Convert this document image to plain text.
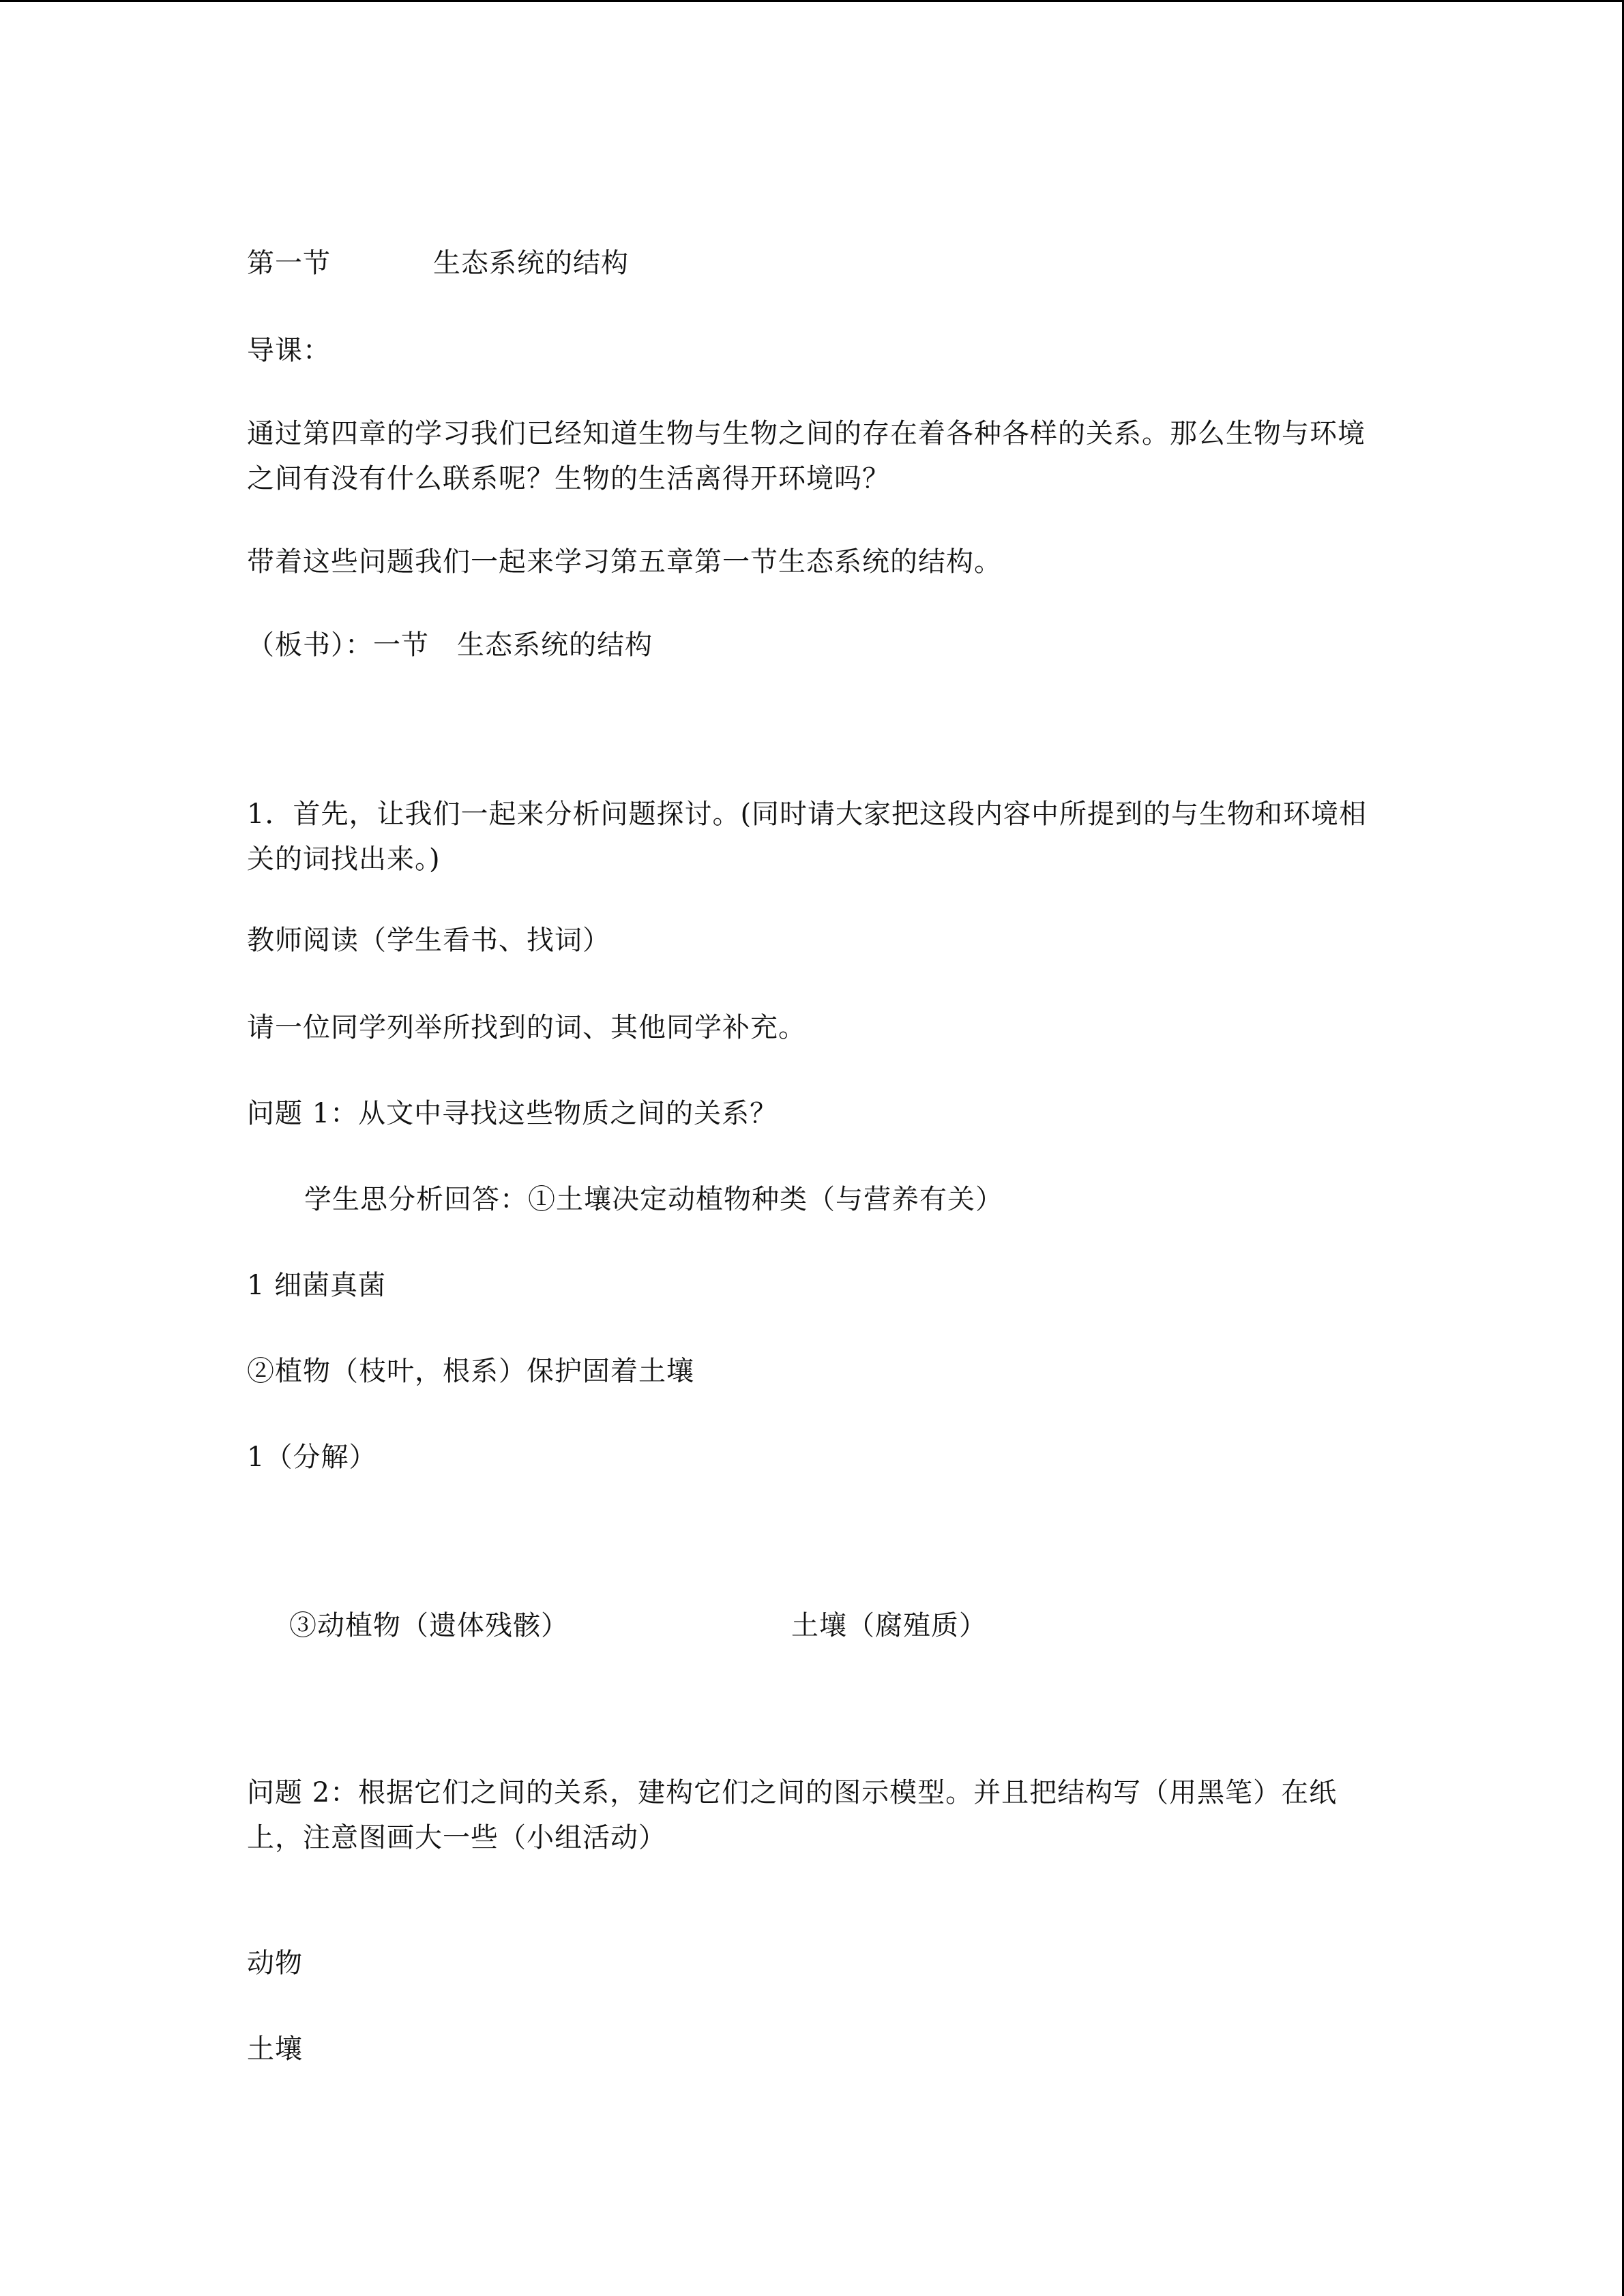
第一节	生态系统的结构
导课：
通过第四章的学习我们已经知道生物与生物之间的存在着各种各样的关系。那么生物与环境之间有没有什么联系呢？生物的生活离得开环境吗？
带着这些问题我们一起来学习第五章第一节生态系统的结构。
（板书）：一节　生态系统的结构
1．首先，让我们一起来分析问题探讨。(同时请大家把这段内容中所提到的与生物和环境相关的词找出来。)
教师阅读（学生看书、找词）
请一位同学列举所找到的词、其他同学补充。
问题 1：从文中寻找这些物质之间的关系？
学生思分析回答：①土壤决定动植物种类（与营养有关）
1 细菌真菌
②植物（枝叶，根系）保护固着土壤
1（分解）
③动植物（遗体残骸）	土壤（腐殖质）
问题 2：根据它们之间的关系，建构它们之间的图示模型。并且把结构写（用黑笔）在纸上，注意图画大一些（小组活动）
动物
土壤
